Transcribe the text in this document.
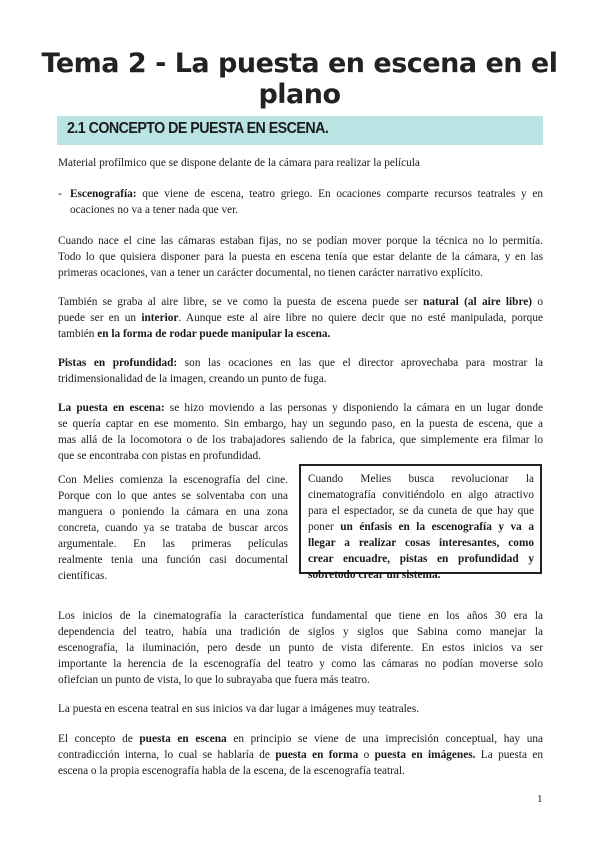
Tema 2 - La puesta en escena en el plano
2.1 CONCEPTO DE PUESTA EN ESCENA.
Material profílmico que se dispone delante de la cámara para realizar la película
- Escenografía: que viene de escena, teatro griego. En ocaciones comparte recursos teatrales y en
ocaciones no va a tener nada que ver.
Cuando nace el cine las cámaras estaban fijas, no se podían mover porque la técnica no lo permitía.
Todo lo que quisiera disponer para la puesta en escena tenía que estar delante de la cámara, y en las
primeras ocaciones, van a tener un carácter documental, no tienen carácter narrativo explícito.
También se graba al aire libre, se ve como la puesta de escena puede ser natural (al aire libre) o
puede ser en un interior. Aunque este al aire libre no quiere decir que no esté manipulada, porque
también en la forma de rodar puede manipular la escena.
Pistas en profundidad: son las ocaciones en las que el director aprovechaba para mostrar la
tridimensionalidad de la imagen, creando un punto de fuga.
La puesta en escena: se hizo moviendo a las personas y disponiendo la cámara en un lugar donde
se quería captar en ese momento. Sin embargo, hay un segundo paso, en la puesta de escena, que a
mas allá de la locomotora o de los trabajadores saliendo de la fabrica, que simplemente era filmar lo
que se encontraba con pistas en profundidad.
Con Melies comienza la escenografía del cine.
Porque con lo que antes se solventaba con una
manguera o poniendo la cámara en una zona
concreta, cuando ya se trataba de buscar arcos
argumentale. En las primeras películas
realmente tenia una función casi documental
científicas.
Cuando Melies busca revolucionar la
cinematografía convitiéndolo en algo atractivo
para el espectador, se da cuneta de que hay que
poner un énfasis en la escenografía y va a
llegar a realizar cosas interesantes, como
crear encuadre, pistas en profundidad y
sobretodo crear un sistema.
Los inicios de la cinematografía la característica fundamental que tiene en los años 30 era la
dependencia del teatro, había una tradición de siglos y siglos que Sabina como manejar la
escenografía, la iluminación, pero desde un punto de vista diferente. En estos inicios va ser
importante la herencia de la escenografía del teatro y como las cámaras no podían moverse solo
ofiefcian un punto de vista, lo que lo subrayaba que fuera más teatro.
La puesta en escena teatral en sus inicios va dar lugar a imágenes muy teatrales.
El concepto de puesta en escena en principio se viene de una imprecisión conceptual, hay una
contradicción interna, lo cual se hablaría de puesta en forma o puesta en imágenes. La puesta en
escena o la propia escenografía habla de la escena, de la escenografía teatral.
1
